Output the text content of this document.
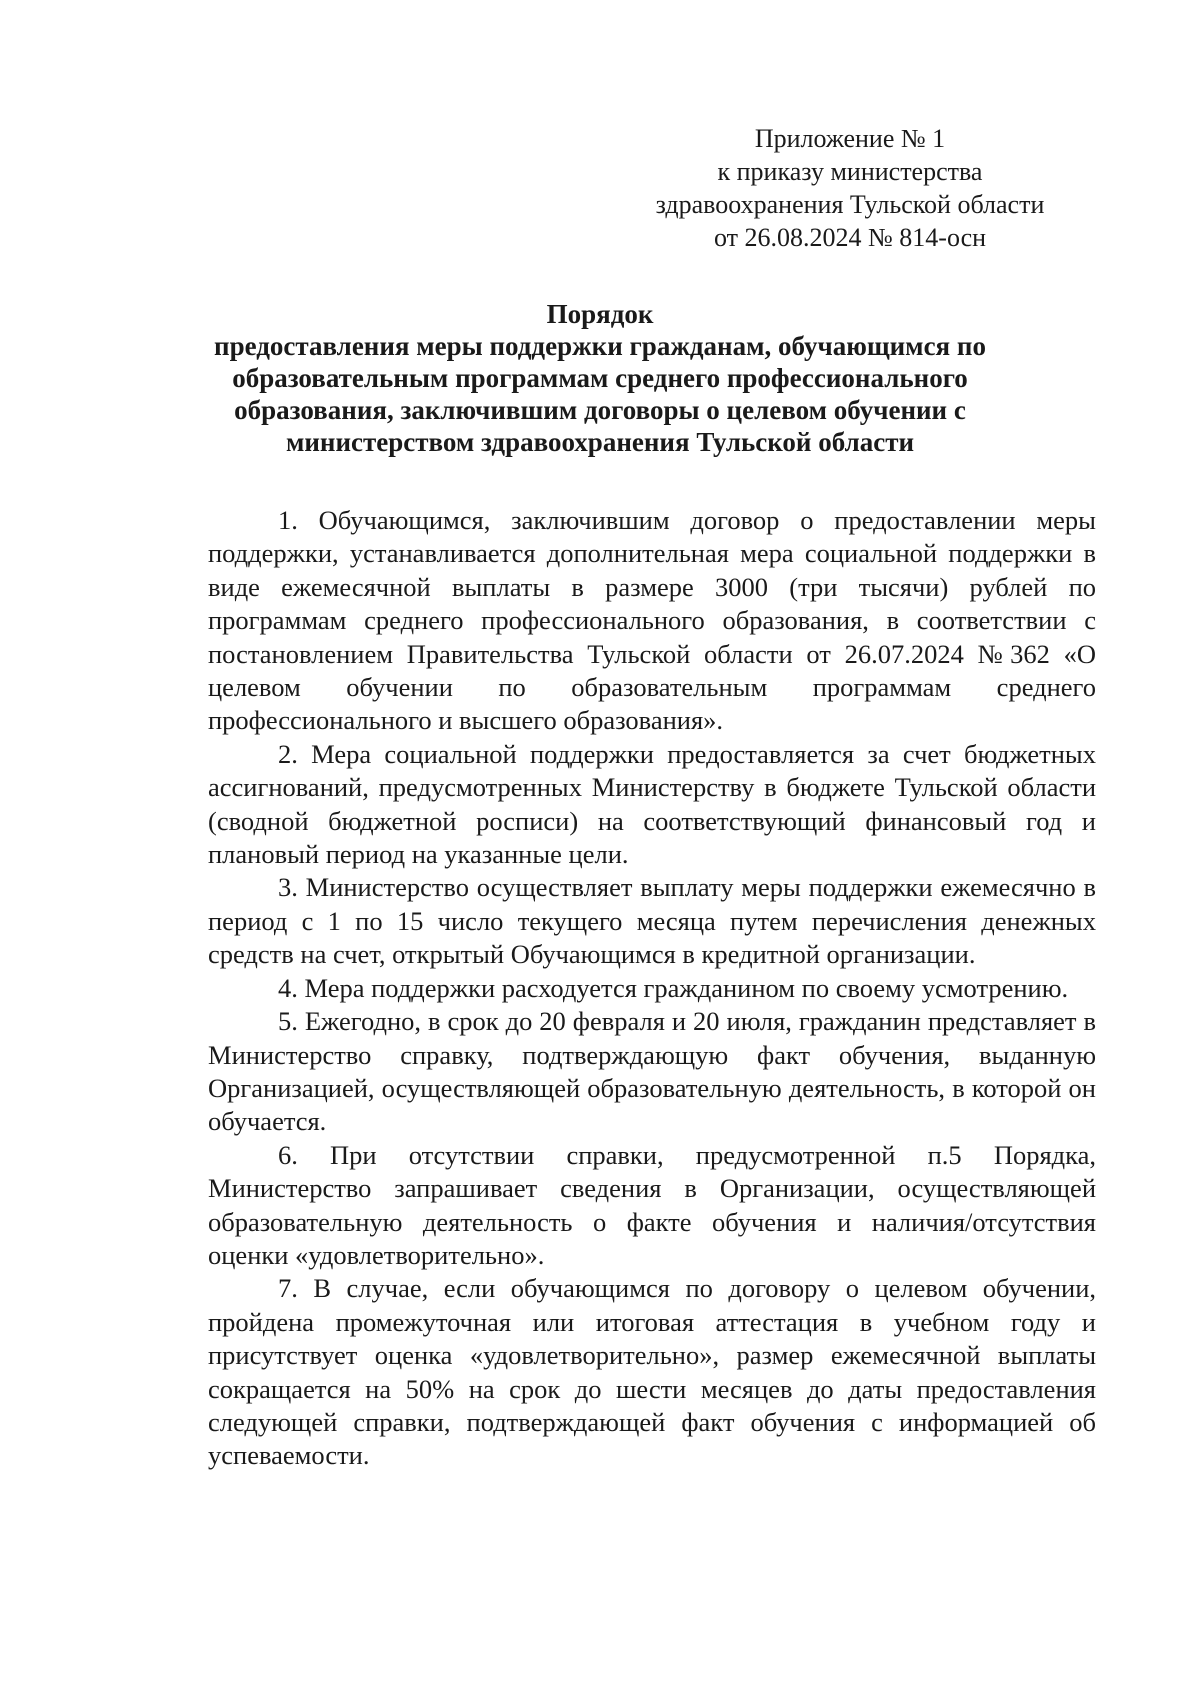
Приложение № 1
к приказу министерства
здравоохранения Тульской области
от 26.08.2024 № 814-осн
Порядок
предоставления меры поддержки гражданам, обучающимся по образовательным программам среднего профессионального образования, заключившим договоры о целевом обучении с министерством здравоохранения Тульской области

1. Обучающимся, заключившим договор о предоставлении меры поддержки, устанавливается дополнительная мера социальной поддержки в виде ежемесячной выплаты в размере 3000 (три тысячи) рублей по программам среднего профессионального образования, в соответствии с постановлением Правительства Тульской области от 26.07.2024 №362 «О целевом обучении по образовательным программам среднего профессионального и высшего образования».

2. Мера социальной поддержки предоставляется за счет бюджетных ассигнований, предусмотренных Министерству в бюджете Тульской области (сводной бюджетной росписи) на соответствующий финансовый год и плановый период на указанные цели.

3. Министерство осуществляет выплату меры поддержки ежемесячно в период с 1 по 15 число текущего месяца путем перечисления денежных средств на счет, открытый Обучающимся в кредитной организации.

4. Мера поддержки расходуется гражданином по своему усмотрению.

5. Ежегодно, в срок до 20 февраля и 20 июля, гражданин представляет в Министерство справку, подтверждающую факт обучения, выданную Организацией, осуществляющей образовательную деятельность, в которой он обучается.

6. При отсутствии справки, предусмотренной п.5 Порядка, Министерство запрашивает сведения в Организации, осуществляющей образовательную деятельность о факте обучения и наличия/отсутствия оценки «удовлетворительно».

7. В случае, если обучающимся по договору о целевом обучении, пройдена промежуточная или итоговая аттестация в учебном году и присутствует оценка «удовлетворительно», размер ежемесячной выплаты сокращается на 50% на срок до шести месяцев до даты предоставления следующей справки, подтверждающей факт обучения с информацией об успеваемости.
